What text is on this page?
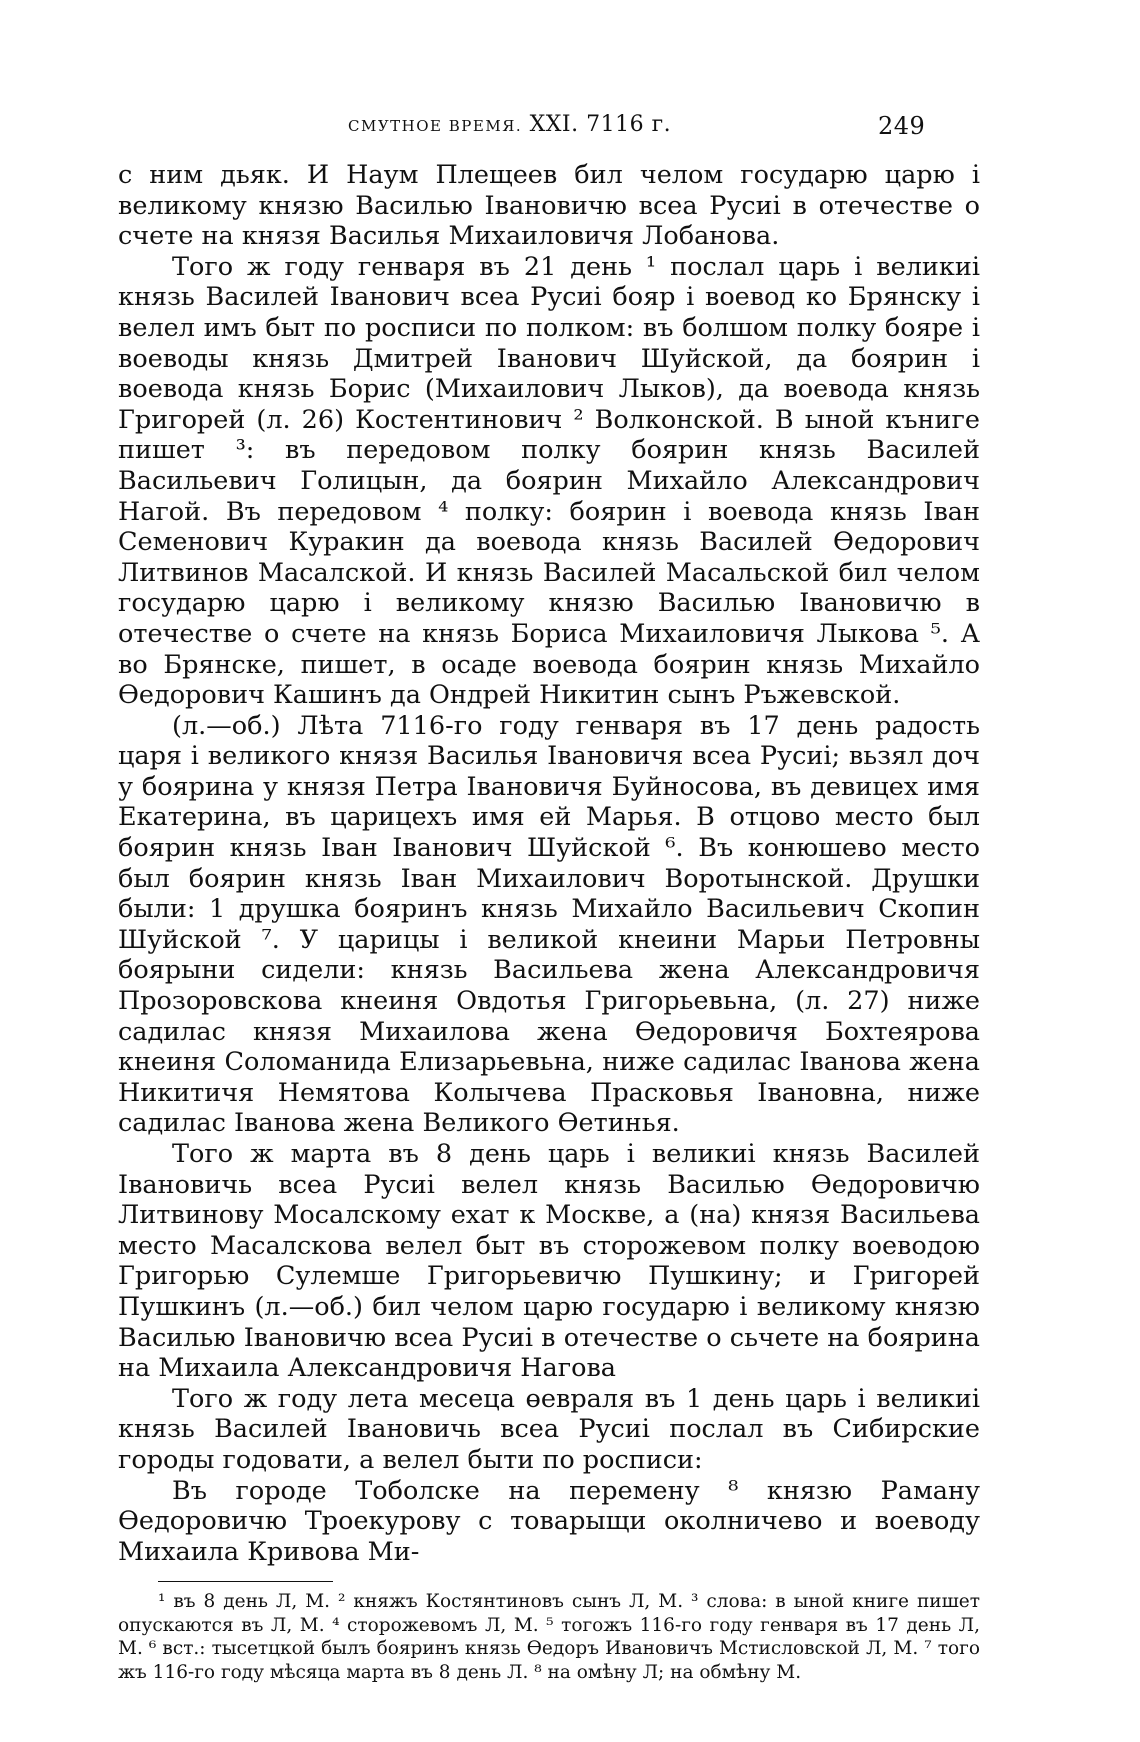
СМУТНОЕ ВРЕМЯ. XXI. 7116 г.	249

с ним дьяк. И Наум Плещеев бил челом государю царю і великому князю Василью Івановичю всеа Русиі в отечестве о счете на князя Василья Михаиловичя Лобанова.

Того ж году генваря въ 21 день ¹ послал царь і великиі князь Василей Іванович всеа Русиі бояр і воевод ко Брянску і велел имъ быт по росписи по полком: въ болшом полку бояре і воеводы князь Дмитрей Іванович Шуйской, да боярин і воевода князь Борис (Михаилович Лыков), да воевода князь Григорей (л. 26) Костентинович ² Волконской. В ыной кънигe пишет ³: въ передовом полку боярин князь Василей Васильевич Голицын, да боярин Михайло Александрович Нагой. Въ передовом ⁴ полку: боярин і воевода князь Іван Семенович Куракин да воевода князь Василей Өедорович Литвинов Масалской. И князь Василей Масальской бил челом государю царю і великому князю Василью Івановичю в отечестве о счете на князь Бориса Михаиловичя Лыкова ⁵. А во Брянске, пишет, в осаде воевода боярин князь Михайло Өедорович Кашинъ да Ондрей Никитин сынъ Ръжевской.

(л.—об.) Лѣта 7116-го году генваря въ 17 день радость царя і великого князя Василья Івановичя всеа Русиі; вьзял доч у боярина у князя Петра Івановичя Буйносова, въ девицех имя Екатерина, въ царицехъ имя ей Марья. В отцово место был боярин князь Іван Іванович Шуйской ⁶. Въ конюшево место был боярин князь Іван Михаилович Воротынской. Друшки были: 1 друшка бояринъ князь Михайло Васильевич Скопин Шуйской ⁷. У царицы і великой кнеини Марьи Петровны боярыни сидели: князь Васильева жена Александровичя Прозоровскова кнеиня Овдотья Григорьевьна, (л. 27) ниже садилас князя Михаилова жена Өедоровичя Бохтеярова кнеиня Соломанида Елизарьевьна, ниже садилас Іванова жена Никитичя Немятова Колычева Прасковья Івановна, ниже садилас Іванова жена Великого Өетинья.

Того ж марта въ 8 день царь і великиі князь Василей Івановичь всеа Русиі велел князь Василью Өедоровичю Литвинову Мосалскому ехат к Москве, а (на) князя Васильева место Масалскова велел быт въ сторожевом полку воеводою Григорью Сулемше Григорьевичю Пушкину; и Григорей Пушкинъ (л.—об.) бил челом царю государю і великому князю Василью Івановичю всеа Русиі в отечестве о сьчете на боярина на Михаила Александровичя Нагова

Того ж году лета месеца өевраля въ 1 день царь і великиі князь Василей Івановичь всеа Русиі послал въ Сибирские городы годовати, а велел быти по росписи:

Въ городе Тоболске на перемену ⁸ князю Раману Өедоровичю Троекурову с товарыщи околничево и воеводу Михаила Кривова Ми-

¹ въ 8 день Л, М. ² княжъ Костянтиновъ сынъ Л, М. ³ слова: в ыной книге пишет опускаются въ Л, М. ⁴ сторожевомъ Л, М. ⁵ тогожъ 116-го году генваря въ 17 день Л, М. ⁶ вст.: тысетцкой былъ бояринъ князь Өедоръ Ивановичъ Мстисловской Л, М. ⁷ того жъ 116-го году мѣсяца марта въ 8 день Л. ⁸ на омѣну Л; на обмѣну М.
